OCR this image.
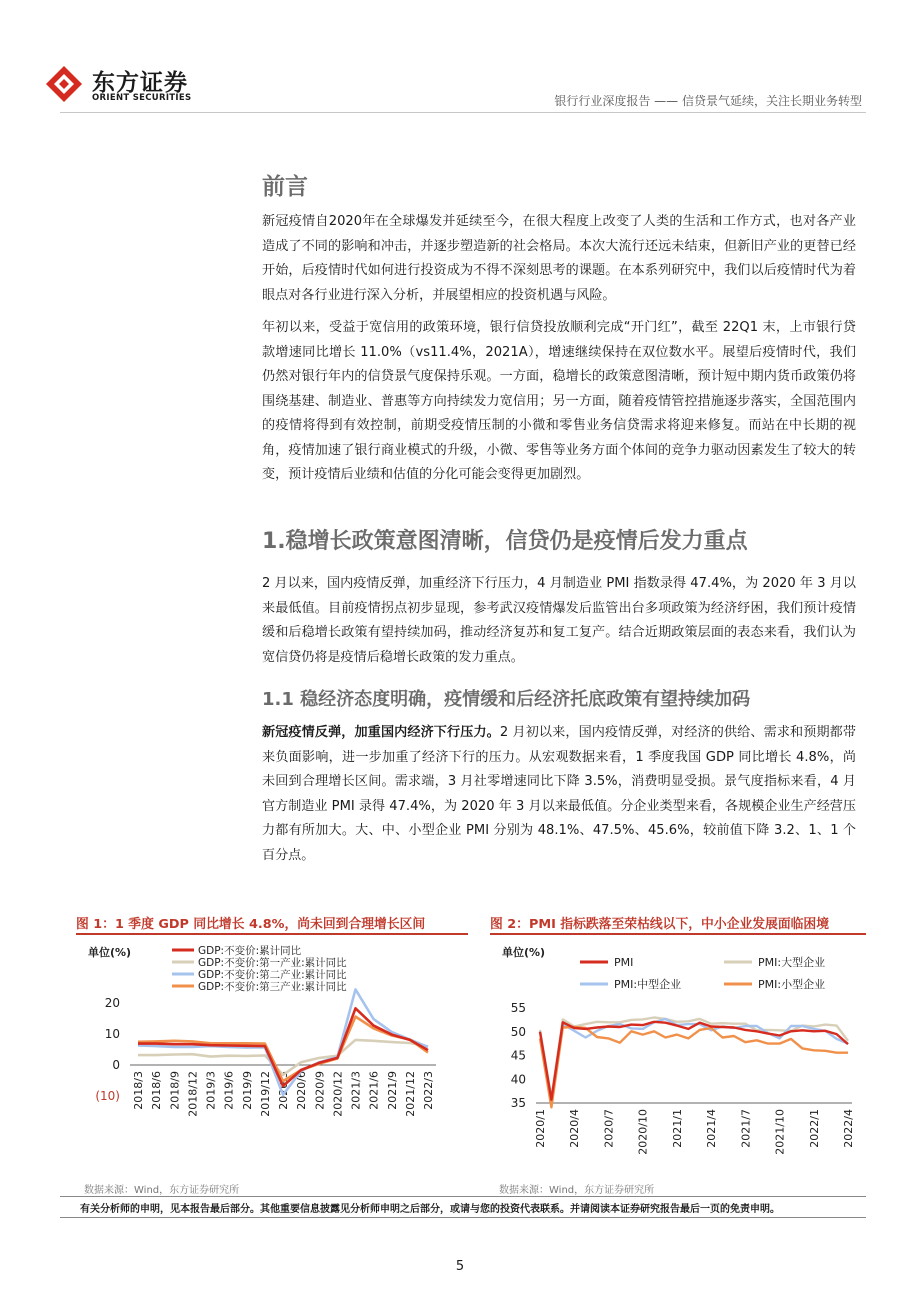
东方证券
ORIENT SECURITIES	银行行业深度报告 —— 信贷景气延续，关注长期业务转型
前言

新冠疫情自2020年在全球爆发并延续至今，在很大程度上改变了人类的生活和工作方式，也对各产业造成了不同的影响和冲击，并逐步塑造新的社会格局。本次大流行还远未结束，但新旧产业的更替已经开始，后疫情时代如何进行投资成为不得不深刻思考的课题。在本系列研究中，我们以后疫情时代为着眼点对各行业进行深入分析，并展望相应的投资机遇与风险。

年初以来，受益于宽信用的政策环境，银行信贷投放顺利完成“开门红”，截至 22Q1 末，上市银行贷款增速同比增长 11.0%（vs11.4%，2021A），增速继续保持在双位数水平。展望后疫情时代，我们仍然对银行年内的信贷景气度保持乐观。一方面，稳增长的政策意图清晰，预计短中期内货币政策仍将围绕基建、制造业、普惠等方向持续发力宽信用；另一方面，随着疫情管控措施逐步落实，全国范围内的疫情将得到有效控制，前期受疫情压制的小微和零售业务信贷需求将迎来修复。而站在中长期的视角，疫情加速了银行商业模式的升级，小微、零售等业务方面个体间的竞争力驱动因素发生了较大的转变，预计疫情后业绩和估值的分化可能会变得更加剧烈。

1.稳增长政策意图清晰，信贷仍是疫情后发力重点

2 月以来，国内疫情反弹，加重经济下行压力，4 月制造业 PMI 指数录得 47.4%，为 2020 年 3 月以来最低值。目前疫情拐点初步显现，参考武汉疫情爆发后监管出台多项政策为经济纾困，我们预计疫情缓和后稳增长政策有望持续加码，推动经济复苏和复工复产。结合近期政策层面的表态来看，我们认为宽信贷仍将是疫情后稳增长政策的发力重点。

1.1 稳经济态度明确，疫情缓和后经济托底政策有望持续加码

新冠疫情反弹，加重国内经济下行压力。2 月初以来，国内疫情反弹，对经济的供给、需求和预期都带来负面影响，进一步加重了经济下行的压力。从宏观数据来看，1 季度我国 GDP 同比增长 4.8%，尚未回到合理增长区间。需求端，3 月社零增速同比下降 3.5%，消费明显受损。景气度指标来看，4 月官方制造业 PMI 录得 47.4%，为 2020 年 3 月以来最低值。分企业类型来看，各规模企业生产经营压力都有所加大。大、中、小型企业 PMI 分别为 48.1%、47.5%、45.6%，较前值下降 3.2、1、1 个百分点。

图 1：1 季度 GDP 同比增长 4.8%，尚未回到合理增长区间
单位(%)	GDP:不变价:累计同比
GDP:不变价:第一产业:累计同比
GDP:不变价:第二产业:累计同比
GDP:不变价:第三产业:累计同比
(10)
0
10
20
2018/3 2018/6 2018/9 2018/12 2019/3 2019/6 2019/9 2019/12 2020/3 2020/6 2020/9 2020/12 2021/3 2021/6 2021/9 2021/12 2022/3
数据来源：Wind，东方证券研究所
图 2：PMI 指标跌落至荣枯线以下，中小企业发展面临困境
单位(%)
PMI	PMI:大型企业
PMI:中型企业	PMI:小型企业
35
40
45
50
55
2020/1 2020/4 2020/7 2020/10 2021/1 2021/4 2021/7 2021/10 2022/1 2022/4
数据来源：Wind，东方证券研究所
有关分析师的申明，见本报告最后部分。其他重要信息披露见分析师申明之后部分，或请与您的投资代表联系。并请阅读本证券研究报告最后一页的免责申明。
5
